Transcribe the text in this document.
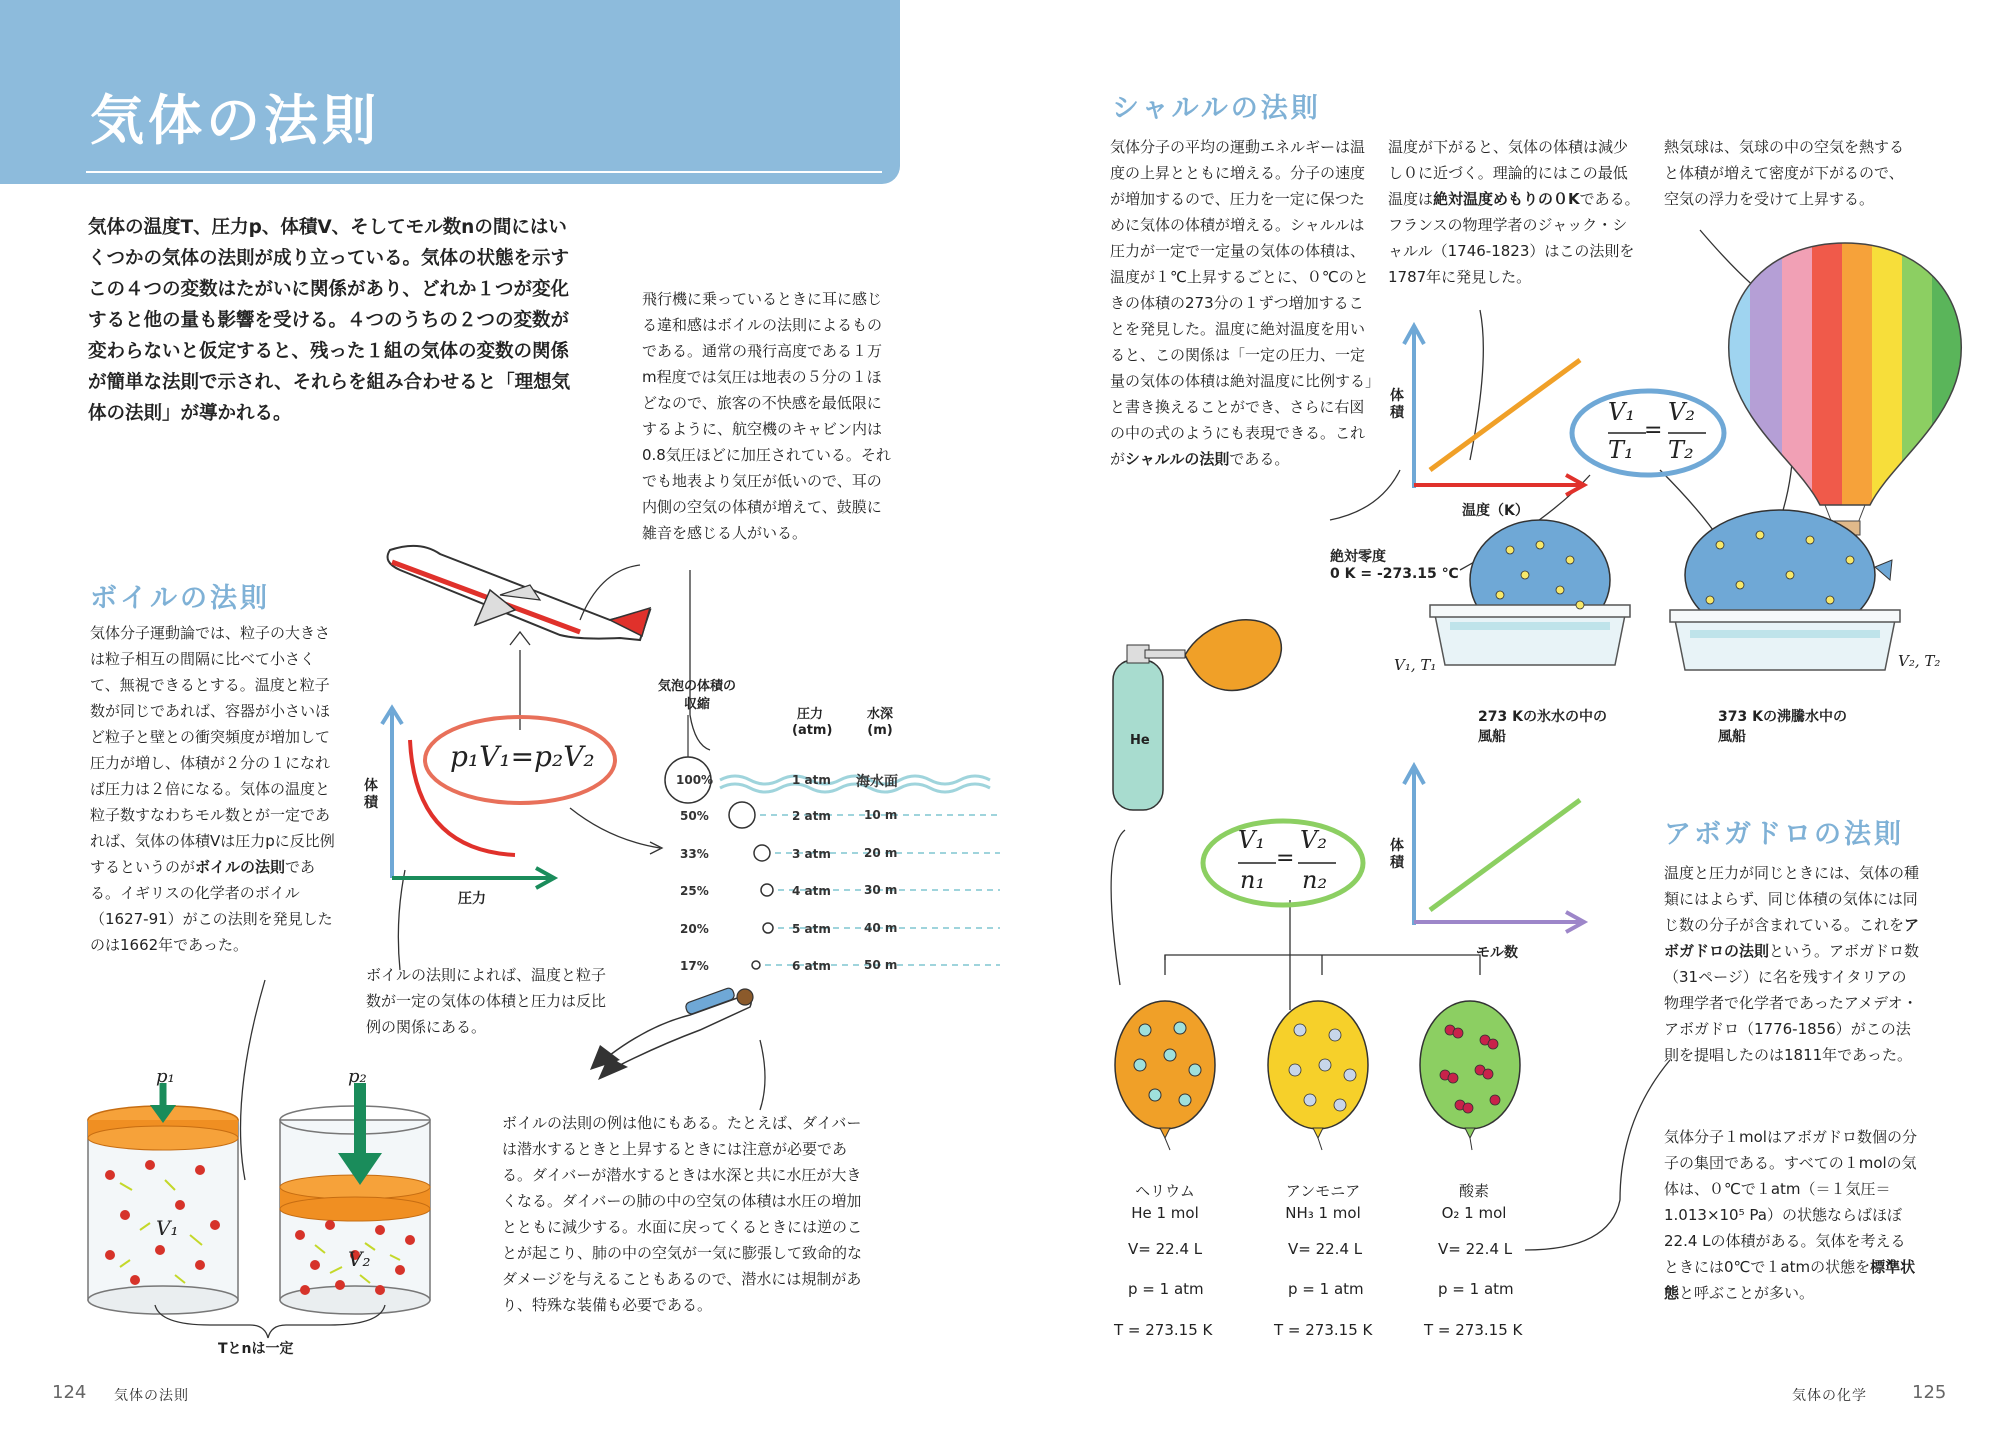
気体の法則
気体の温度T、圧力p、体積V、そしてモル数nの間にはいくつかの気体の法則が成り立っている。気体の状態を示すこの４つの変数はたがいに関係があり、どれか１つが変化すると他の量も影響を受ける。４つのうちの２つの変数が変わらないと仮定すると、残った１組の気体の変数の関係が簡単な法則で示され、それらを組み合わせると「理想気体の法則」が導かれる。
飛行機に乗っているときに耳に感じる違和感はボイルの法則によるものである。通常の飛行高度である１万m程度では気圧は地表の５分の１ほどなので、旅客の不快感を最低限にするように、航空機のキャビン内は0.8気圧ほどに加圧されている。それでも地表より気圧が低いので、耳の内側の空気の体積が増えて、鼓膜に雑音を感じる人がいる。
ボイルの法則
気体分子運動論では、粒子の大きさは粒子相互の間隔に比べて小さくて、無視できるとする。温度と粒子数が同じであれば、容器が小さいほど粒子と壁との衝突頻度が増加して圧力が増し、体積が２分の１になれば圧力は２倍になる。気体の温度と粒子数すなわちモル数とが一定であれば、気体の体積Vは圧力pに反比例するというのがボイルの法則である。イギリスの化学者のボイル（1627-91）がこの法則を発見したのは1662年であった。
体積
圧力
p₁V₁=p₂V₂
ボイルの法則によれば、温度と粒子数が一定の気体の体積と圧力は反比例の関係にある。
気泡の体積の収縮
圧力(atm)
水深(m)
100%	1 atm 海水面
50%	2 atm	10 m
33%	3 atm	20 m
25%	4 atm	30 m
20%	5 atm	40 m
17%	6 atm	50 m
p₁	p₂
V₁
V₂
Tとnは一定
ボイルの法則の例は他にもある。たとえば、ダイバーは潜水するときと上昇するときには注意が必要である。ダイバーが潜水するときは水深と共に水圧が大きくなる。ダイバーの肺の中の空気の体積は水圧の増加とともに減少する。水面に戻ってくるときには逆のことが起こり、肺の中の空気が一気に膨張して致命的なダメージを与えることもあるので、潜水には規制があり、特殊な装備も必要である。
シャルルの法則
気体分子の平均の運動エネルギーは温度の上昇とともに増える。分子の速度が増加するので、圧力を一定に保つために気体の体積が増える。シャルルは圧力が一定で一定量の気体の体積は、温度が１℃上昇するごとに、０℃のときの体積の273分の１ずつ増加することを発見した。温度に絶対温度を用いると、この関係は「一定の圧力、一定量の気体の体積は絶対温度に比例する」と書き換えることができ、さらに右図の中の式のようにも表現できる。これがシャルルの法則である。
温度が下がると、気体の体積は減少し０に近づく。理論的にはこの最低温度は絶対温度めもりの０Kである。フランスの物理学者のジャック・シャルル（1746-1823）はこの法則を1787年に発見した。
熱気球は、気球の中の空気を熱すると体積が増えて密度が下がるので、空気の浮力を受けて上昇する。
体積
温度（K）
絶対零度
0 K = -273.15 ℃
V₁
T₁
=
V₂
T₂
V₁, T₁	V₂, T₂
273 Kの氷水の中の
風船
373 Kの沸騰水中の
風船
アボガドロの法則
温度と圧力が同じときには、気体の種類にはよらず、同じ体積の気体には同じ数の分子が含まれている。これをアボガドロの法則という。アボガドロ数（31ページ）に名を残すイタリアの物理学者で化学者であったアメデオ・アボガドロ（1776-1856）がこの法則を提唱したのは1811年であった。
気体分子１molはアボガドロ数個の分子の集団である。すべての１molの気体は、０℃で１atm（＝１気圧＝1.013×10⁵ Pa）の状態ならばほぼ22.4 Lの体積がある。気体を考えるときには0℃で１atmの状態を標準状態と呼ぶことが多い。
He
体積
モル数
V₁
n₁
=
V₂
n₂
ヘリウム
He 1 mol
V= 22.4 L
p = 1 atm
T = 273.15 K
アンモニア
NH₃ 1 mol
V= 22.4 L
p = 1 atm
T = 273.15 K
酸素
O₂ 1 mol
V= 22.4 L
p = 1 atm
T = 273.15 K
124 気体の法則	気体の化学	125
